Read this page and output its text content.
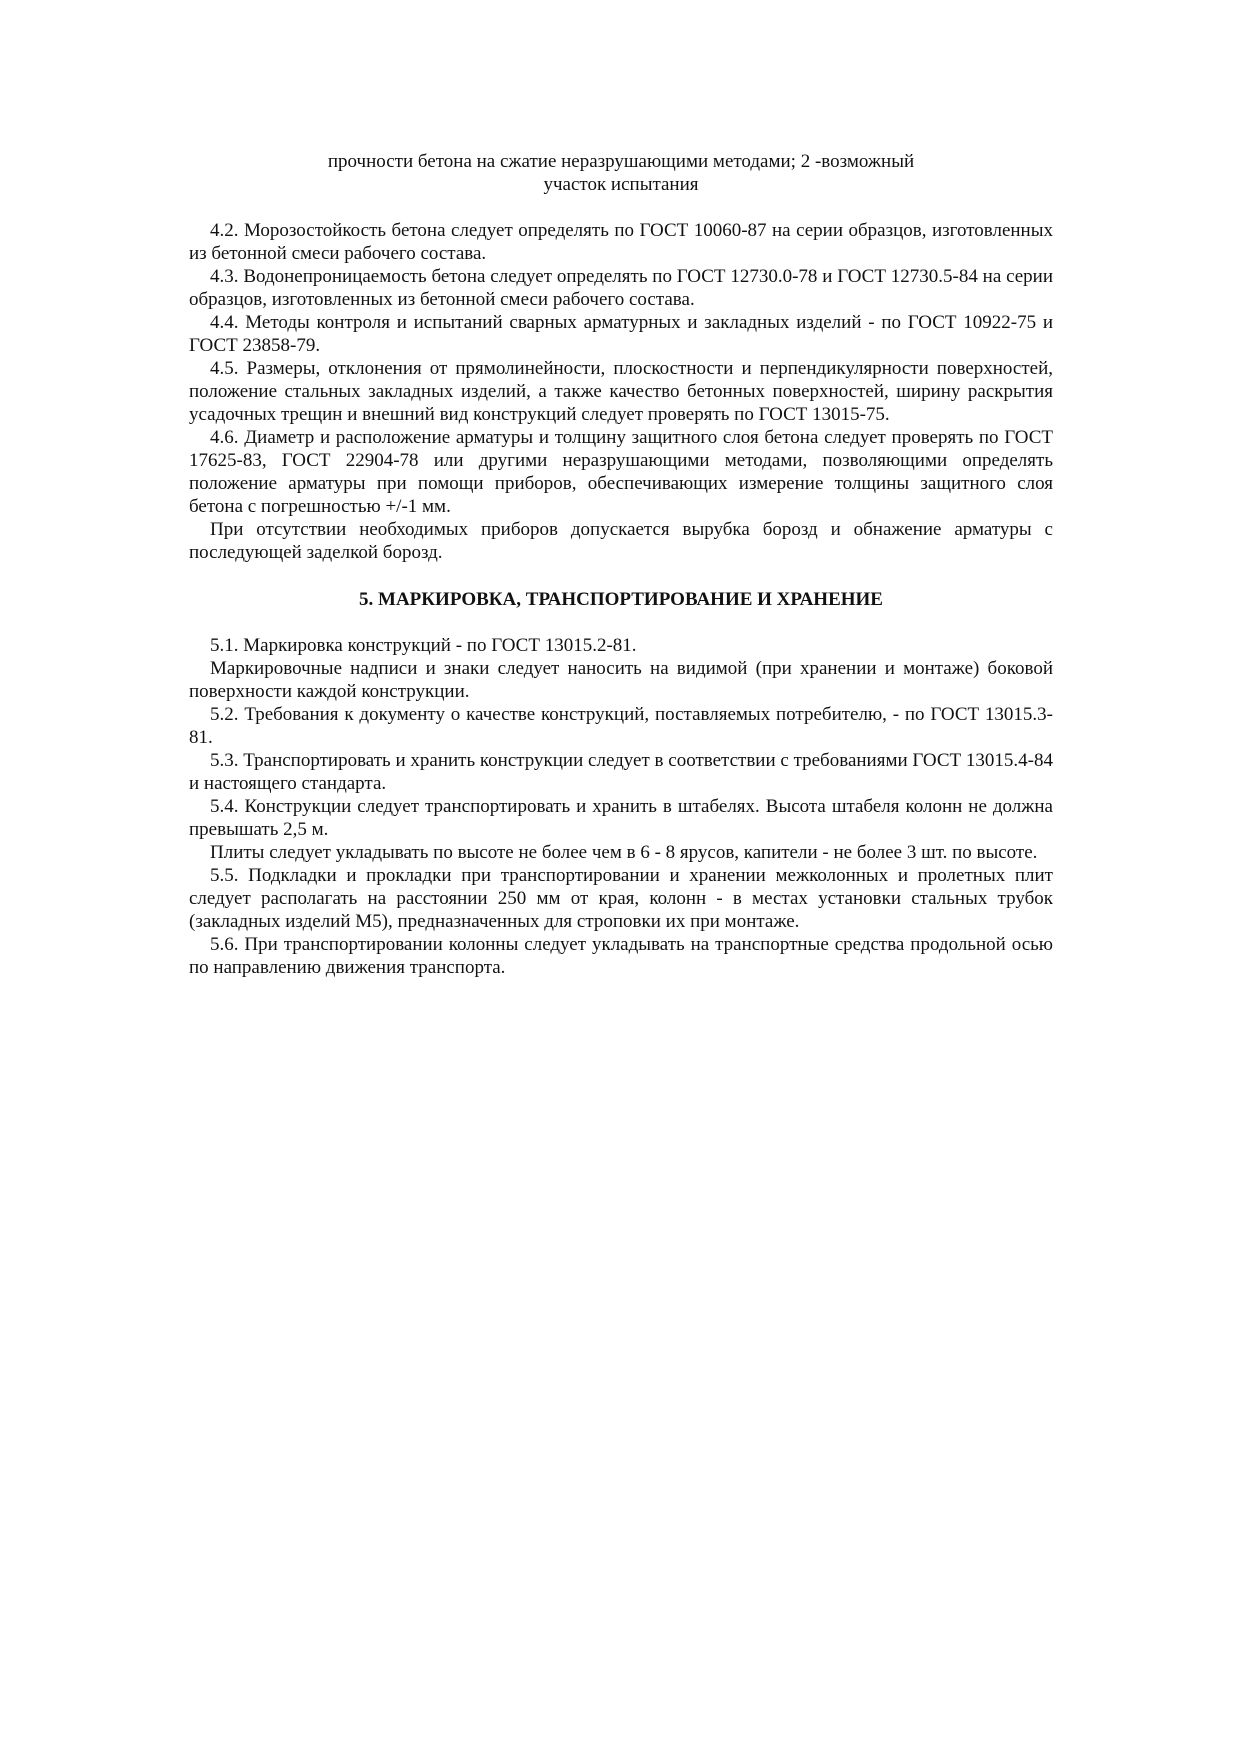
прочности бетона на сжатие неразрушающими методами; 2 -возможный
участок испытания

4.2. Морозостойкость бетона следует определять по ГОСТ 10060-87 на серии образцов, изготовленных из бетонной смеси рабочего состава.

4.3. Водонепроницаемость бетона следует определять по ГОСТ 12730.0-78 и ГОСТ 12730.5-84 на серии образцов, изготовленных из бетонной смеси рабочего состава.

4.4. Методы контроля и испытаний сварных арматурных и закладных изделий - по ГОСТ 10922-75 и ГОСТ 23858-79.

4.5. Размеры, отклонения от прямолинейности, плоскостности и перпендикулярности поверхностей, положение стальных закладных изделий, а также качество бетонных поверхностей, ширину раскрытия усадочных трещин и внешний вид конструкций следует проверять по ГОСТ 13015-75.

4.6. Диаметр и расположение арматуры и толщину защитного слоя бетона следует проверять по ГОСТ 17625-83, ГОСТ 22904-78 или другими неразрушающими методами, позволяющими определять положение арматуры при помощи приборов, обеспечивающих измерение толщины защитного слоя бетона с погрешностью +/-1 мм.

При отсутствии необходимых приборов допускается вырубка борозд и обнажение арматуры с последующей заделкой борозд.

5. МАРКИРОВКА, ТРАНСПОРТИРОВАНИЕ И ХРАНЕНИЕ

5.1. Маркировка конструкций - по ГОСТ 13015.2-81.

Маркировочные надписи и знаки следует наносить на видимой (при хранении и монтаже) боковой поверхности каждой конструкции.

5.2. Требования к документу о качестве конструкций, поставляемых потребителю, - по ГОСТ 13015.3-81.

5.3. Транспортировать и хранить конструкции следует в соответствии с требованиями ГОСТ 13015.4-84 и настоящего стандарта.

5.4. Конструкции следует транспортировать и хранить в штабелях. Высота штабеля колонн не должна превышать 2,5 м.

Плиты следует укладывать по высоте не более чем в 6 - 8 ярусов, капители - не более 3 шт. по высоте.

5.5. Подкладки и прокладки при транспортировании и хранении межколонных и пролетных плит следует располагать на расстоянии 250 мм от края, колонн - в местах установки стальных трубок (закладных изделий М5), предназначенных для строповки их при монтаже.

5.6. При транспортировании колонны следует укладывать на транспортные средства продольной осью по направлению движения транспорта.
